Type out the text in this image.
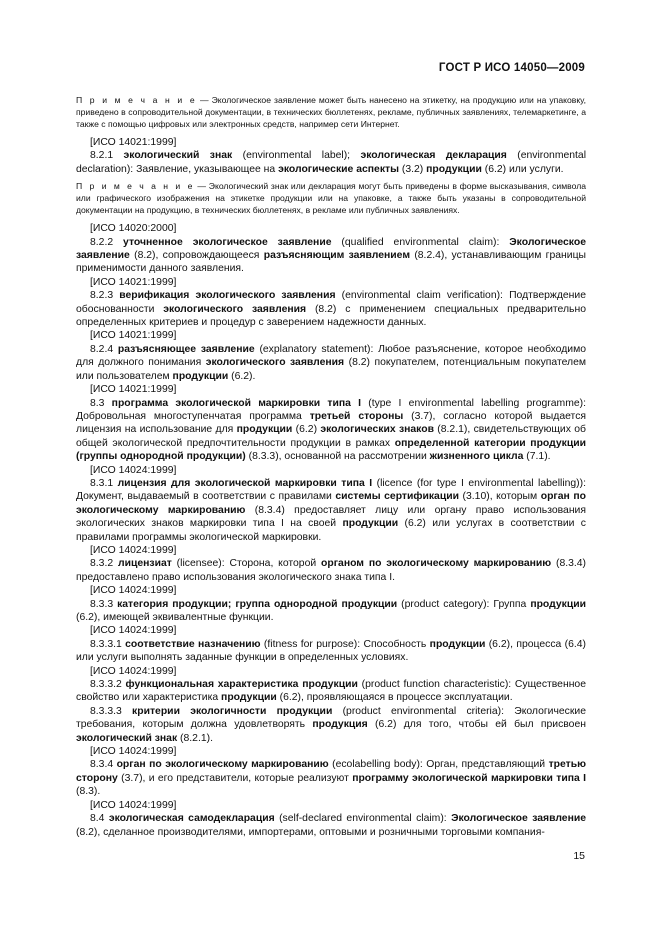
ГОСТ Р ИСО 14050—2009

П р и м е ч а н и е — Экологическое заявление может быть нанесено на этикетку, на продукцию или на упаковку, приведено в сопроводительной документации, в технических бюллетенях, рекламе, публичных заявлениях, телемаркетинге, а также с помощью цифровых или электронных средств, например сети Интернет.

[ИСО 14021:1999]

8.2.1 экологический знак (environmental label); экологическая декларация (environmental declaration): Заявление, указывающее на экологические аспекты (3.2) продукции (6.2) или услуги.

П р и м е ч а н и е — Экологический знак или декларация могут быть приведены в форме высказывания, символа или графического изображения на этикетке продукции или на упаковке, а также быть указаны в сопроводительной документации на продукцию, в технических бюллетенях, в рекламе или публичных заявлениях.

[ИСО 14020:2000]

8.2.2 уточненное экологическое заявление (qualified environmental claim): Экологическое заявление (8.2), сопровождающееся разъясняющим заявлением (8.2.4), устанавливающим границы применимости данного заявления.

[ИСО 14021:1999]

8.2.3 верификация экологического заявления (environmental claim verification): Подтверждение обоснованности экологического заявления (8.2) с применением специальных предварительно определенных критериев и процедур с заверением надежности данных.

[ИСО 14021:1999]

8.2.4 разъясняющее заявление (explanatory statement): Любое разъяснение, которое необходимо для должного понимания экологического заявления (8.2) покупателем, потенциальным покупателем или пользователем продукции (6.2).

[ИСО 14021:1999]

8.3 программа экологической маркировки типа I (type I environmental labelling programme): Добровольная многоступенчатая программа третьей стороны (3.7), согласно которой выдается лицензия на использование для продукции (6.2) экологических знаков (8.2.1), свидетельствующих об общей экологической предпочтительности продукции в рамках определенной категории продукции (группы однородной продукции) (8.3.3), основанной на рассмотрении жизненного цикла (7.1).

[ИСО 14024:1999]

8.3.1 лицензия для экологической маркировки типа I (licence (for type I environmental labelling)): Документ, выдаваемый в соответствии с правилами системы сертификации (3.10), которым орган по экологическому маркированию (8.3.4) предоставляет лицу или органу право использования экологических знаков маркировки типа I на своей продукции (6.2) или услугах в соответствии с правилами программы экологической маркировки.

[ИСО 14024:1999]

8.3.2 лицензиат (licensee): Сторона, которой органом по экологическому маркированию (8.3.4) предоставлено право использования экологического знака типа I.

[ИСО 14024:1999]

8.3.3 категория продукции; группа однородной продукции (product category): Группа продукции (6.2), имеющей эквивалентные функции.

[ИСО 14024:1999]

8.3.3.1 соответствие назначению (fitness for purpose): Способность продукции (6.2), процесса (6.4) или услуги выполнять заданные функции в определенных условиях.

[ИСО 14024:1999]

8.3.3.2 функциональная характеристика продукции (product function characteristic): Существенное свойство или характеристика продукции (6.2), проявляющаяся в процессе эксплуатации.

8.3.3.3 критерии экологичности продукции (product environmental criteria): Экологические требования, которым должна удовлетворять продукция (6.2) для того, чтобы ей был присвоен экологический знак (8.2.1).

[ИСО 14024:1999]

8.3.4 орган по экологическому маркированию (ecolabelling body): Орган, представляющий третью сторону (3.7), и его представители, которые реализуют программу экологической маркировки типа I (8.3).

[ИСО 14024:1999]

8.4 экологическая самодекларация (self-declared environmental claim): Экологическое заявление (8.2), сделанное производителями, импортерами, оптовыми и розничными торговыми компания-

15
